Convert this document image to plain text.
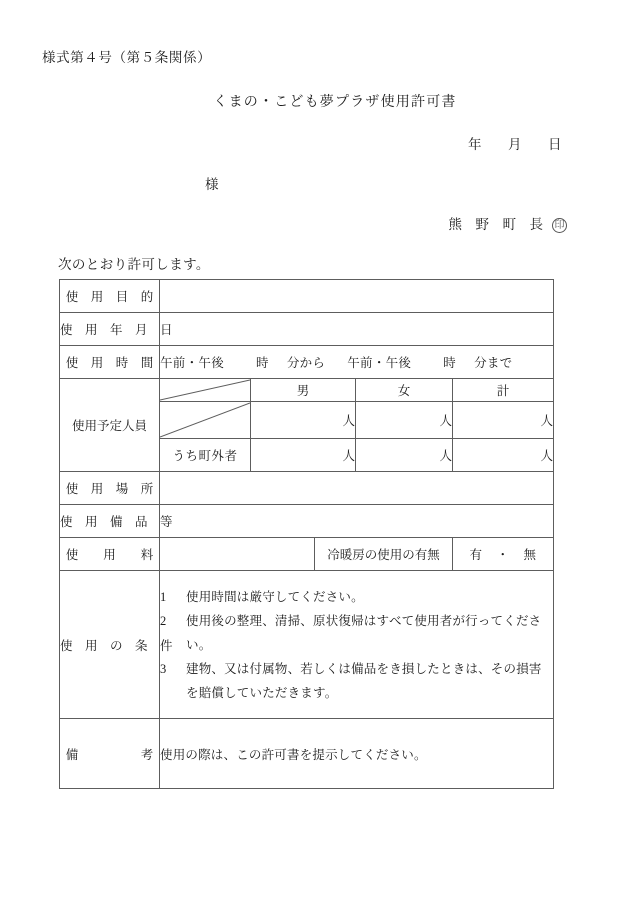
様式第４号（第５条関係）
くまの・こども夢プラザ使用許可書
年 月 日
様
熊　野　町　長 印
次のとおり許可します。
使　用　目　的					
使　用　年　月　日					
使　用　時　間	午前・午後 時 分から 午前・午後 時 分まで				
使用予定人員		男		女	計

	人		人	人
	うち町外者	人		人	人
使　用　場　所					
使　用　備　品　等					
使　　用　　料			冷暖房の使用の有無		有 ・ 無
使　用　の　条　件	
1	使用時間は厳守してください。
2	使用後の整理、清掃、原状復帰はすべて使用者が行ってください。
3	建物、又は付属物、若しくは備品をき損したときは、その損害を賠償していただきます。

備　　　　　考	使用の際は、この許可書を提示してください。				
